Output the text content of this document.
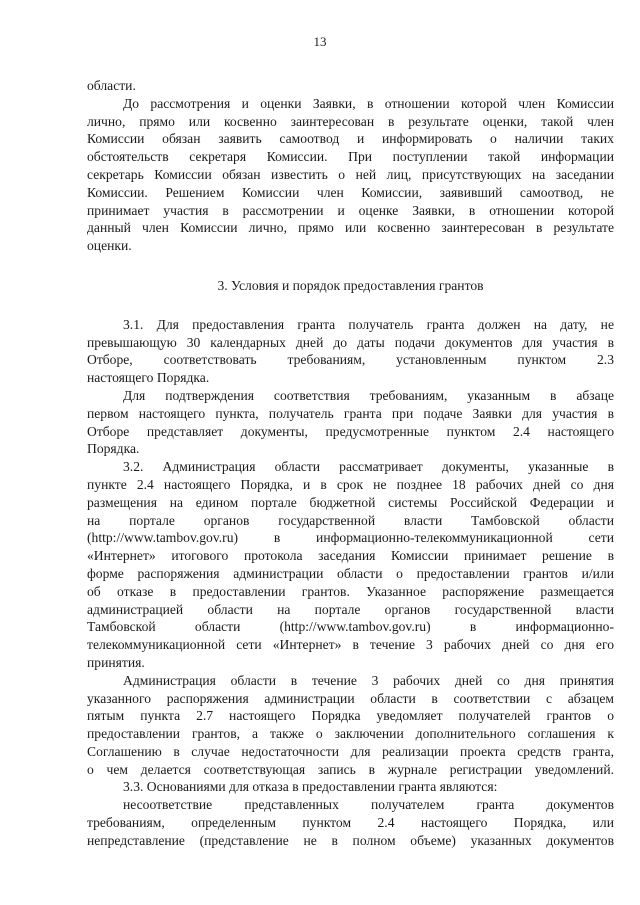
13
области.
До рассмотрения и оценки Заявки, в отношении которой член Комиссии
лично, прямо или косвенно заинтересован в результате оценки, такой член
Комиссии обязан заявить самоотвод и информировать о наличии таких
обстоятельств секретаря Комиссии. При поступлении такой информации
секретарь Комиссии обязан известить о ней лиц, присутствующих на заседании
Комиссии. Решением Комиссии член Комиссии, заявивший самоотвод, не
принимает участия в рассмотрении и оценке Заявки, в отношении которой
данный член Комиссии лично, прямо или косвенно заинтересован в результате
оценки.
3. Условия и порядок предоставления грантов
3.1. Для предоставления гранта получатель гранта должен на дату, не
превышающую 30 календарных дней до даты подачи документов для участия в
Отборе, соответствовать требованиям, установленным пунктом 2.3
настоящего Порядка.
Для подтверждения соответствия требованиям, указанным в абзаце
первом настоящего пункта, получатель гранта при подаче Заявки для участия в
Отборе представляет документы, предусмотренные пунктом 2.4 настоящего
Порядка.
3.2. Администрация области рассматривает документы, указанные в
пункте 2.4 настоящего Порядка, и в срок не позднее 18 рабочих дней со дня
размещения на едином портале бюджетной системы Российской Федерации и
на портале органов государственной власти Тамбовской области
(http://www.tambov.gov.ru) в информационно-телекоммуникационной сети
«Интернет» итогового протокола заседания Комиссии принимает решение в
форме распоряжения администрации области о предоставлении грантов и/или
об отказе в предоставлении грантов. Указанное распоряжение размещается
администрацией области на портале органов государственной власти
Тамбовской области (http://www.tambov.gov.ru) в информационно-
телекоммуникационной сети «Интернет» в течение 3 рабочих дней со дня его
принятия.
Администрация области в течение 3 рабочих дней со дня принятия
указанного распоряжения администрации области в соответствии с абзацем
пятым пункта 2.7 настоящего Порядка уведомляет получателей грантов о
предоставлении грантов, а также о заключении дополнительного соглашения к
Соглашению в случае недостаточности для реализации проекта средств гранта,
о чем делается соответствующая запись в журнале регистрации уведомлений.
3.3. Основаниями для отказа в предоставлении гранта являются:
несоответствие представленных получателем гранта документов
требованиям, определенным пунктом 2.4 настоящего Порядка, или
непредставление (представление не в полном объеме) указанных документов
